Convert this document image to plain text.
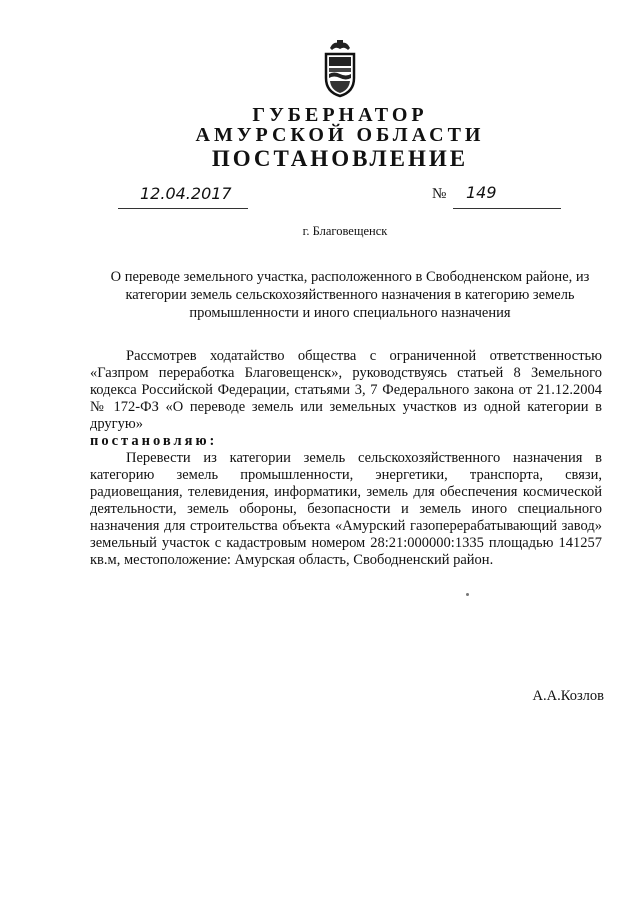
ГУБЕРНАТОР
АМУРСКОЙ ОБЛАСТИ
ПОСТАНОВЛЕНИЕ
12.04.2017	№ 149
г. Благовещенск
О переводе земельного участка, расположенного в Свободненском районе, из категории земель сельскохозяйственного назначения в категорию земель промышленности и иного специального назначения

Рассмотрев ходатайство общества с ограниченной ответственностью «Газпром переработка Благовещенск», руководствуясь статьей 8 Земельного кодекса Российской Федерации, статьями 3, 7 Федерального закона от 21.12.2004 № 172-ФЗ «О переводе земель или земельных участков из одной категории в другую»

постановляю:

Перевести из категории земель сельскохозяйственного назначения в категорию земель промышленности, энергетики, транспорта, связи, радиовещания, телевидения, информатики, земель для обеспечения космической деятельности, земель обороны, безопасности и земель иного специального назначения для строительства объекта «Амурский газоперерабатывающий завод» земельный участок с кадастровым номером 28:21:000000:1335 площадью 141257 кв.м, местоположение: Амурская область, Свободненский район.

А.А.Козлов
